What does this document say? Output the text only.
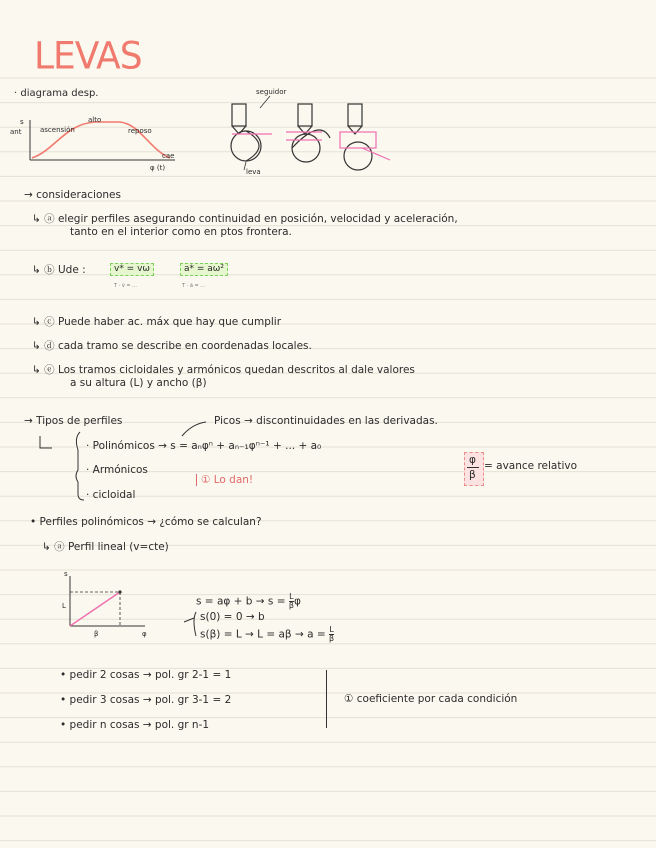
LEVAS
· diagrama desp.	seguidor
leva
s
ant	ascensión
alto
reposo
cae
φ (t)
→ consideraciones
↳ ⓐ elegir perfiles asegurando continuidad en posición, velocidad y aceleración,
tanto en el interior como en ptos frontera.
↳ ⓑ Ude :	v* = vω	a* = aω²
T · ṽ = ...	T · ã = ...
↳ ⓒ Puede haber ac. máx que hay que cumplir
↳ ⓓ cada tramo se describe en coordenadas locales.
↳ ⓔ Los tramos cicloidales y armónicos quedan descritos al dale valores
a su altura (L) y ancho (β)
→ Tipos de perfiles	Picos → discontinuidades en las derivadas.
· Polinómicos → s = aₙφⁿ + aₙ₋₁φⁿ⁻¹ + ... + a₀
· Armónicos
· cicloidal
① Lo dan!
φ
β
= avance relativo
• Perfiles polinómicos → ¿cómo se calculan?
↳ ⓐ Perfil lineal (v=cte)
s
L
β	φ
$s = a\varphi + b \to s = \frac{L}{\beta}$ φ
s(0) = 0 → b
$s(\beta) = L \to L = a\beta \to a = \frac{L}{\beta}$
• pedir 2 cosas → pol. gr 2-1 = 1
• pedir 3 cosas → pol. gr 3-1 = 2
• pedir n cosas → pol. gr n-1
① coeficiente por cada condición
